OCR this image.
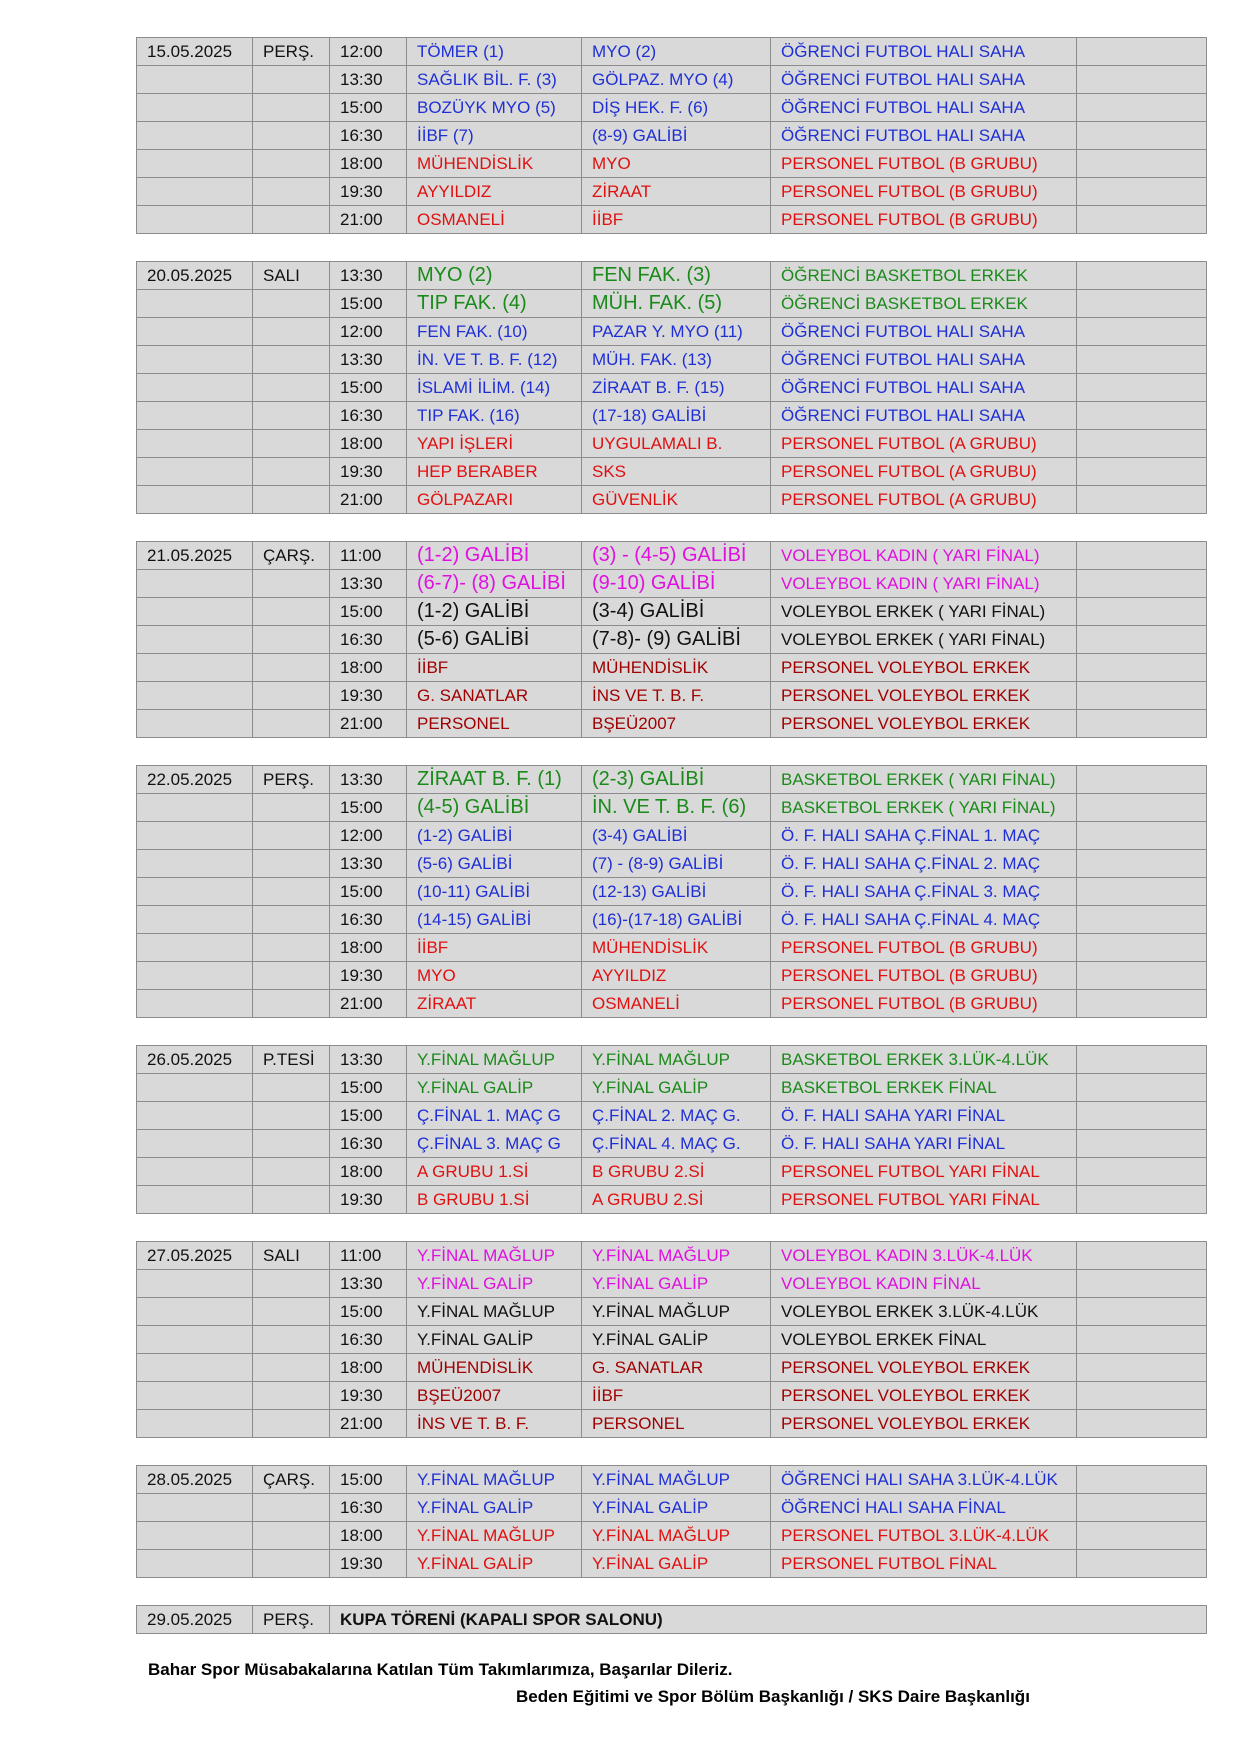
15.05.2025	PERŞ.	12:00	TÖMER (1)	MYO (2)	ÖĞRENCİ FUTBOL HALI SAHA	
		13:30	SAĞLIK BİL. F. (3)	GÖLPAZ. MYO (4)	ÖĞRENCİ FUTBOL HALI SAHA	
		15:00	BOZÜYK MYO (5)	DİŞ HEK. F. (6)	ÖĞRENCİ FUTBOL HALI SAHA	
		16:30	İİBF (7)	(8-9) GALİBİ	ÖĞRENCİ FUTBOL HALI SAHA	
		18:00	MÜHENDİSLİK	MYO	PERSONEL FUTBOL (B GRUBU)	
		19:30	AYYILDIZ	ZİRAAT	PERSONEL FUTBOL (B GRUBU)	
		21:00	OSMANELİ	İİBF	PERSONEL FUTBOL (B GRUBU)	
20.05.2025	SALI	13:30	MYO (2)	FEN FAK. (3)	ÖĞRENCİ BASKETBOL ERKEK	
		15:00	TIP FAK. (4)	MÜH. FAK. (5)	ÖĞRENCİ BASKETBOL ERKEK	
		12:00	FEN FAK. (10)	PAZAR Y. MYO (11)	ÖĞRENCİ FUTBOL HALI SAHA	
		13:30	İN. VE T. B. F. (12)	MÜH. FAK. (13)	ÖĞRENCİ FUTBOL HALI SAHA	
		15:00	İSLAMİ İLİM. (14)	ZİRAAT B. F. (15)	ÖĞRENCİ FUTBOL HALI SAHA	
		16:30	TIP FAK. (16)	(17-18) GALİBİ	ÖĞRENCİ FUTBOL HALI SAHA	
		18:00	YAPI İŞLERİ	UYGULAMALI B.	PERSONEL FUTBOL (A GRUBU)	
		19:30	HEP BERABER	SKS	PERSONEL FUTBOL (A GRUBU)	
		21:00	GÖLPAZARI	GÜVENLİK	PERSONEL FUTBOL (A GRUBU)	
21.05.2025	ÇARŞ.	11:00	(1-2) GALİBİ	(3) - (4-5) GALİBİ	VOLEYBOL KADIN ( YARI FİNAL)	
		13:30	(6-7)- (8) GALİBİ	(9-10) GALİBİ	VOLEYBOL KADIN ( YARI FİNAL)	
		15:00	(1-2) GALİBİ	(3-4) GALİBİ	VOLEYBOL ERKEK ( YARI FİNAL)	
		16:30	(5-6) GALİBİ	(7-8)- (9) GALİBİ	VOLEYBOL ERKEK ( YARI FİNAL)	
		18:00	İİBF	MÜHENDİSLİK	PERSONEL VOLEYBOL ERKEK	
		19:30	G. SANATLAR	İNS VE T. B. F.	PERSONEL VOLEYBOL ERKEK	
		21:00	PERSONEL	BŞEÜ2007	PERSONEL VOLEYBOL ERKEK	
22.05.2025	PERŞ.	13:30	ZİRAAT B. F. (1)	(2-3) GALİBİ	BASKETBOL ERKEK ( YARI FİNAL)	
		15:00	(4-5) GALİBİ	İN. VE T. B. F. (6)	BASKETBOL ERKEK ( YARI FİNAL)	
		12:00	(1-2) GALİBİ	(3-4) GALİBİ	Ö. F. HALI SAHA Ç.FİNAL 1. MAÇ	
		13:30	(5-6) GALİBİ	(7) - (8-9) GALİBİ	Ö. F. HALI SAHA Ç.FİNAL 2. MAÇ	
		15:00	(10-11) GALİBİ	(12-13) GALİBİ	Ö. F. HALI SAHA Ç.FİNAL 3. MAÇ	
		16:30	(14-15) GALİBİ	(16)-(17-18) GALİBİ	Ö. F. HALI SAHA Ç.FİNAL 4. MAÇ	
		18:00	İİBF	MÜHENDİSLİK	PERSONEL FUTBOL (B GRUBU)	
		19:30	MYO	AYYILDIZ	PERSONEL FUTBOL (B GRUBU)	
		21:00	ZİRAAT	OSMANELİ	PERSONEL FUTBOL (B GRUBU)	
26.05.2025	P.TESİ	13:30	Y.FİNAL MAĞLUP	Y.FİNAL MAĞLUP	BASKETBOL ERKEK 3.LÜK-4.LÜK	
		15:00	Y.FİNAL GALİP	Y.FİNAL GALİP	BASKETBOL ERKEK FİNAL	
		15:00	Ç.FİNAL 1. MAÇ G	Ç.FİNAL 2. MAÇ G.	Ö. F. HALI SAHA YARI FİNAL	
		16:30	Ç.FİNAL 3. MAÇ G	Ç.FİNAL 4. MAÇ G.	Ö. F. HALI SAHA YARI FİNAL	
		18:00	A GRUBU 1.Sİ	B GRUBU 2.Sİ	PERSONEL FUTBOL YARI FİNAL	
		19:30	B GRUBU 1.Sİ	A GRUBU 2.Sİ	PERSONEL FUTBOL YARI FİNAL	
27.05.2025	SALI	11:00	Y.FİNAL MAĞLUP	Y.FİNAL MAĞLUP	VOLEYBOL KADIN 3.LÜK-4.LÜK	
		13:30	Y.FİNAL GALİP	Y.FİNAL GALİP	VOLEYBOL KADIN FİNAL	
		15:00	Y.FİNAL MAĞLUP	Y.FİNAL MAĞLUP	VOLEYBOL ERKEK 3.LÜK-4.LÜK	
		16:30	Y.FİNAL GALİP	Y.FİNAL GALİP	VOLEYBOL ERKEK FİNAL	
		18:00	MÜHENDİSLİK	G. SANATLAR	PERSONEL VOLEYBOL ERKEK	
		19:30	BŞEÜ2007	İİBF	PERSONEL VOLEYBOL ERKEK	
		21:00	İNS VE T. B. F.	PERSONEL	PERSONEL VOLEYBOL ERKEK	
28.05.2025	ÇARŞ.	15:00	Y.FİNAL MAĞLUP	Y.FİNAL MAĞLUP	ÖĞRENCİ HALI SAHA 3.LÜK-4.LÜK	
		16:30	Y.FİNAL GALİP	Y.FİNAL GALİP	ÖĞRENCİ HALI SAHA FİNAL	
		18:00	Y.FİNAL MAĞLUP	Y.FİNAL MAĞLUP	PERSONEL FUTBOL 3.LÜK-4.LÜK	
		19:30	Y.FİNAL GALİP	Y.FİNAL GALİP	PERSONEL FUTBOL FİNAL	
29.05.2025	PERŞ.	KUPA TÖRENİ (KAPALI SPOR SALONU)
Bahar Spor Müsabakalarına Katılan Tüm Takımlarımıza, Başarılar Dileriz.
Beden Eğitimi ve Spor Bölüm Başkanlığı / SKS Daire Başkanlığı
